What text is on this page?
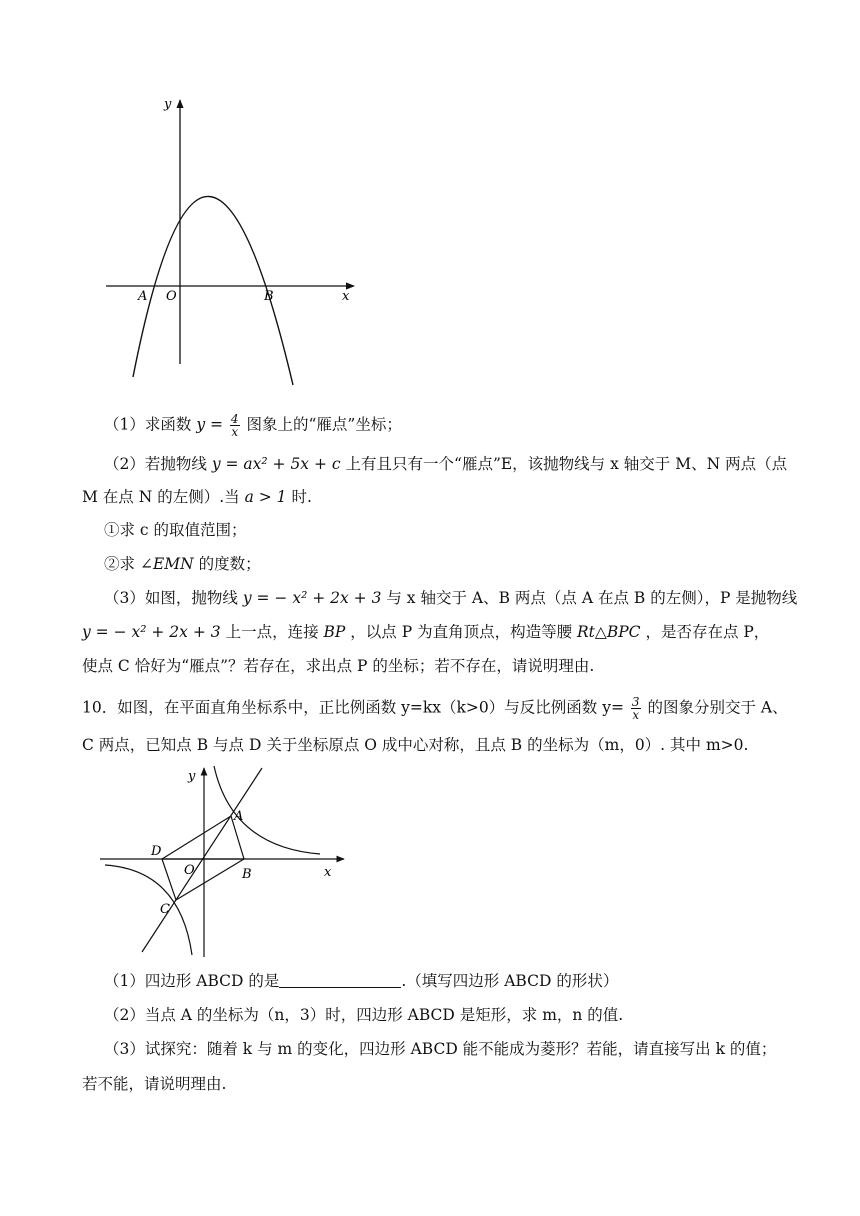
y
x
A O	B
（1）求函数 $y = \frac{4}{x}$ 图象上的“雁点”坐标；
（2）若抛物线 y = ax² + 5x + c 上有且只有一个“雁点”E，该抛物线与 x 轴交于 M、N 两点（点
M 在点 N 的左侧）.当 a > 1 时.
①求 c 的取值范围；
②求 ∠EMN 的度数；
（3）如图，抛物线 y = − x² + 2x + 3 与 x 轴交于 A、B 两点（点 A 在点 B 的左侧），P 是抛物线
y = − x² + 2x + 3 上一点，连接 BP ，以点 P 为直角顶点，构造等腰 Rt△BPC ，是否存在点 P，
使点 C 恰好为“雁点”？若存在，求出点 P 的坐标；若不存在，请说明理由.
10．如图，在平面直角坐标系中，正比例函数 y=kx（k>0）与反比例函数 $y= \frac{3}{x}$ 的图象分别交于 A、
C 两点，已知点 B 与点 D 关于坐标原点 O 成中心对称，且点 B 的坐标为（m，0）. 其中 m>0.
y
x
A
B
C
D
O
（1）四边形 ABCD 的是	.（填写四边形 ABCD 的形状）
（2）当点 A 的坐标为（n，3）时，四边形 ABCD 是矩形，求 m，n 的值.
（3）试探究：随着 k 与 m 的变化，四边形 ABCD 能不能成为菱形？若能，请直接写出 k 的值；
若不能，请说明理由.
